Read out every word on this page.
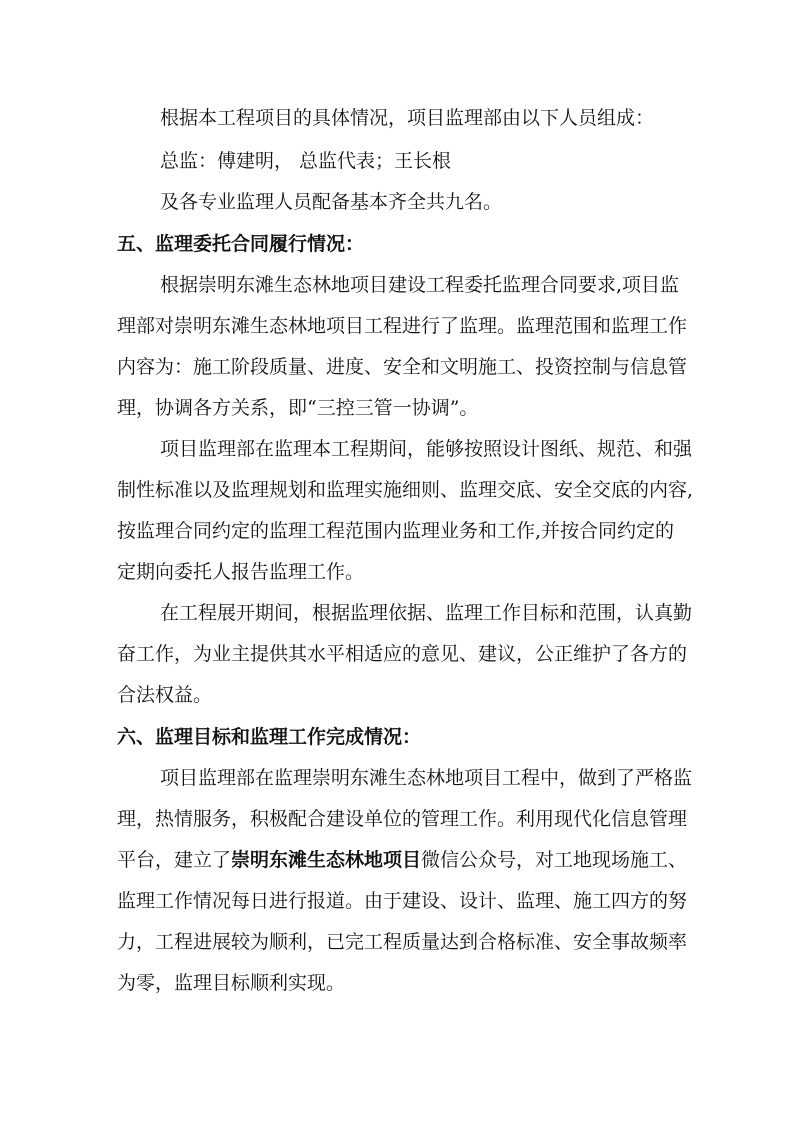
根据本工程项目的具体情况，项目监理部由以下人员组成：
总监：傅建明， 总监代表；王长根
及各专业监理人员配备基本齐全共九名。
五、监理委托合同履行情况：
根据崇明东滩生态林地项目建设工程委托监理合同要求,项目监
理部对崇明东滩生态林地项目工程进行了监理。监理范围和监理工作
内容为：施工阶段质量、进度、安全和文明施工、投资控制与信息管
理，协调各方关系，即“三控三管一协调”。
项目监理部在监理本工程期间，能够按照设计图纸、规范、和强
制性标准以及监理规划和监理实施细则、监理交底、安全交底的内容,
按监理合同约定的监理工程范围内监理业务和工作,并按合同约定的
定期向委托人报告监理工作。
在工程展开期间，根据监理依据、监理工作目标和范围，认真勤
奋工作，为业主提供其水平相适应的意见、建议，公正维护了各方的
合法权益。
六、监理目标和监理工作完成情况：
项目监理部在监理崇明东滩生态林地项目工程中，做到了严格监
理，热情服务，积极配合建设单位的管理工作。利用现代化信息管理
平台，建立了崇明东滩生态林地项目微信公众号，对工地现场施工、
监理工作情况每日进行报道。由于建设、设计、监理、施工四方的努
力，工程进展较为顺利，已完工程质量达到合格标准、安全事故频率
为零，监理目标顺利实现。
